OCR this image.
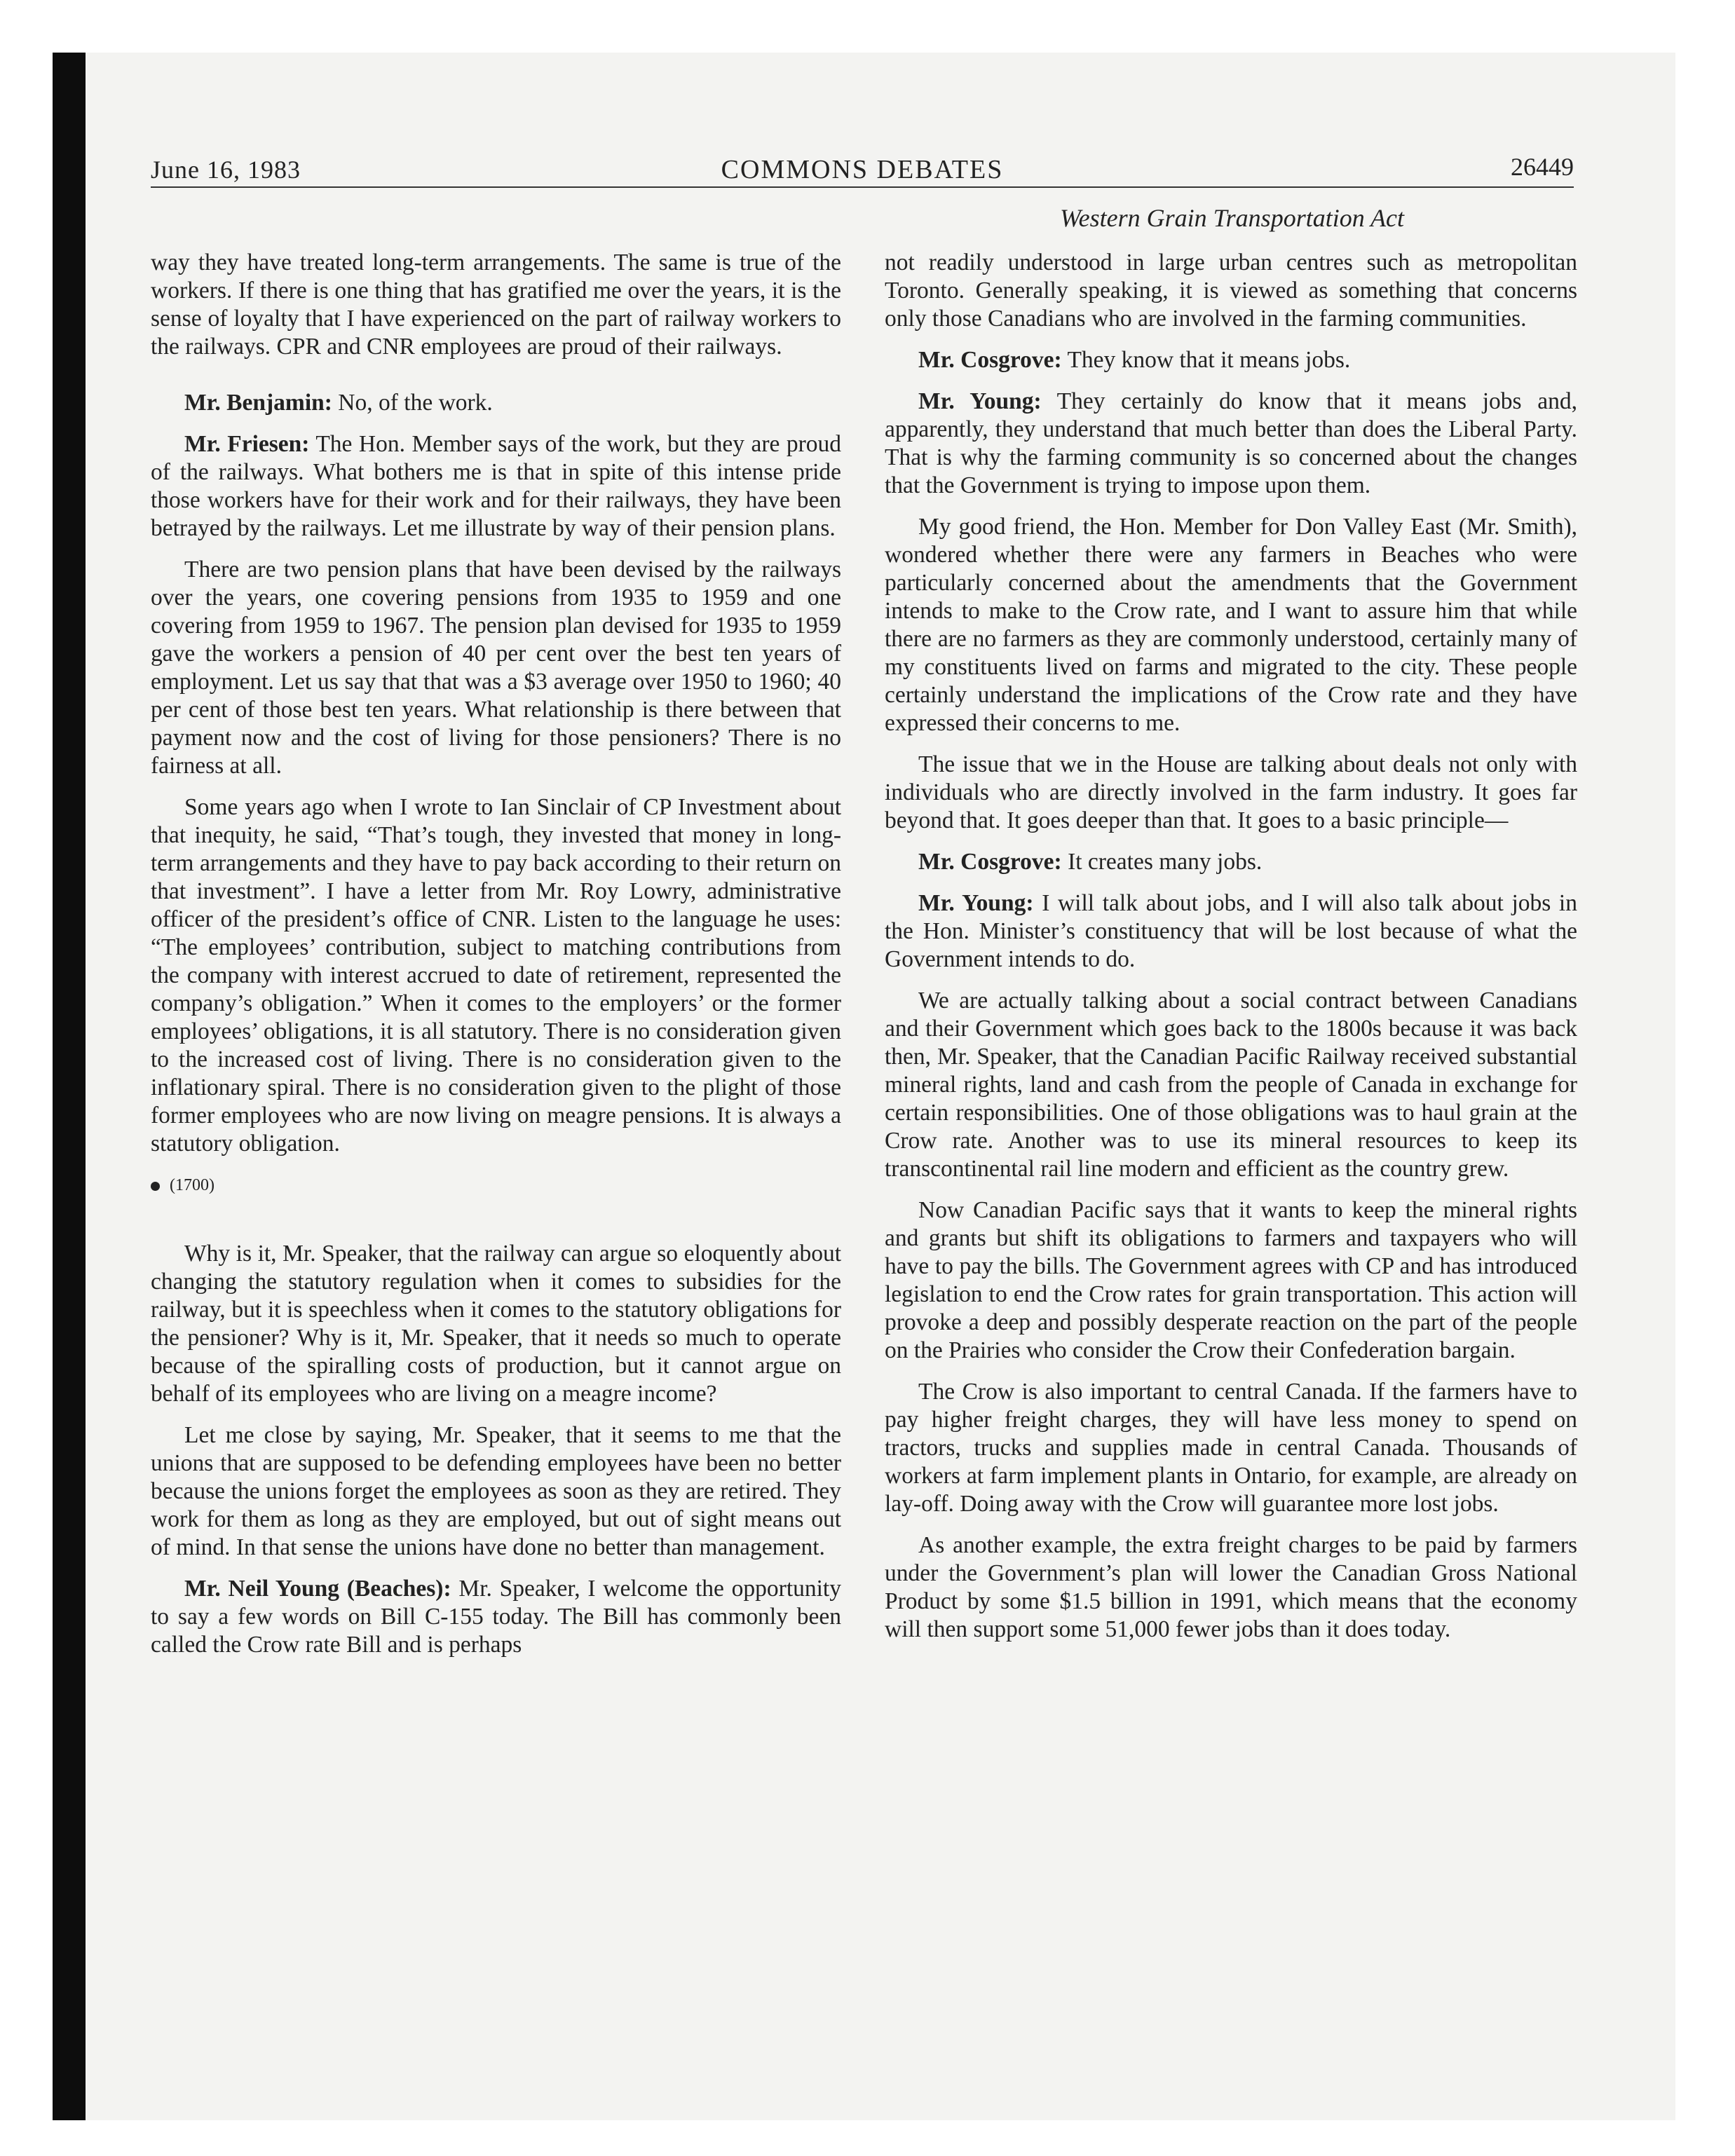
June 16, 1983	COMMONS DEBATES	26449
Western Grain Transportation Act

way they have treated long-term arrangements. The same is true of the workers. If there is one thing that has gratified me over the years, it is the sense of loyalty that I have experienced on the part of railway workers to the railways. CPR and CNR employees are proud of their railways.

Mr. Benjamin: No, of the work.

Mr. Friesen: The Hon. Member says of the work, but they are proud of the railways. What bothers me is that in spite of this intense pride those workers have for their work and for their railways, they have been betrayed by the railways. Let me illustrate by way of their pension plans.

There are two pension plans that have been devised by the railways over the years, one covering pensions from 1935 to 1959 and one covering from 1959 to 1967. The pension plan devised for 1935 to 1959 gave the workers a pension of 40 per cent over the best ten years of employment. Let us say that that was a $3 average over 1950 to 1960; 40 per cent of those best ten years. What relationship is there between that payment now and the cost of living for those pensioners? There is no fairness at all.

Some years ago when I wrote to Ian Sinclair of CP Investment about that inequity, he said, “That’s tough, they invested that money in long-term arrangements and they have to pay back according to their return on that investment”. I have a letter from Mr. Roy Lowry, administrative officer of the president’s office of CNR. Listen to the language he uses: “The employees’ contribution, subject to matching contributions from the company with interest accrued to date of retirement, represented the company’s obligation.” When it comes to the employers’ or the former employees’ obligations, it is all statutory. There is no consideration given to the increased cost of living. There is no consideration given to the inflationary spiral. There is no consideration given to the plight of those former employees who are now living on meagre pensions. It is always a statutory obligation.

(1700)

Why is it, Mr. Speaker, that the railway can argue so eloquently about changing the statutory regulation when it comes to subsidies for the railway, but it is speechless when it comes to the statutory obligations for the pensioner? Why is it, Mr. Speaker, that it needs so much to operate because of the spiralling costs of production, but it cannot argue on behalf of its employees who are living on a meagre income?

Let me close by saying, Mr. Speaker, that it seems to me that the unions that are supposed to be defending employees have been no better because the unions forget the employees as soon as they are retired. They work for them as long as they are employed, but out of sight means out of mind. In that sense the unions have done no better than management.

Mr. Neil Young (Beaches): Mr. Speaker, I welcome the opportunity to say a few words on Bill C-155 today. The Bill has commonly been called the Crow rate Bill and is perhaps

not readily understood in large urban centres such as metropolitan Toronto. Generally speaking, it is viewed as something that concerns only those Canadians who are involved in the farming communities.

Mr. Cosgrove: They know that it means jobs.

Mr. Young: They certainly do know that it means jobs and, apparently, they understand that much better than does the Liberal Party. That is why the farming community is so concerned about the changes that the Government is trying to impose upon them.

My good friend, the Hon. Member for Don Valley East (Mr. Smith), wondered whether there were any farmers in Beaches who were particularly concerned about the amendments that the Government intends to make to the Crow rate, and I want to assure him that while there are no farmers as they are commonly understood, certainly many of my constituents lived on farms and migrated to the city. These people certainly understand the implications of the Crow rate and they have expressed their concerns to me.

The issue that we in the House are talking about deals not only with individuals who are directly involved in the farm industry. It goes far beyond that. It goes deeper than that. It goes to a basic principle—

Mr. Cosgrove: It creates many jobs.

Mr. Young: I will talk about jobs, and I will also talk about jobs in the Hon. Minister’s constituency that will be lost because of what the Government intends to do.

We are actually talking about a social contract between Canadians and their Government which goes back to the 1800s because it was back then, Mr. Speaker, that the Canadian Pacific Railway received substantial mineral rights, land and cash from the people of Canada in exchange for certain responsibilities. One of those obligations was to haul grain at the Crow rate. Another was to use its mineral resources to keep its transcontinental rail line modern and efficient as the country grew.

Now Canadian Pacific says that it wants to keep the mineral rights and grants but shift its obligations to farmers and taxpayers who will have to pay the bills. The Government agrees with CP and has introduced legislation to end the Crow rates for grain transportation. This action will provoke a deep and possibly desperate reaction on the part of the people on the Prairies who consider the Crow their Confederation bargain.

The Crow is also important to central Canada. If the farmers have to pay higher freight charges, they will have less money to spend on tractors, trucks and supplies made in central Canada. Thousands of workers at farm implement plants in Ontario, for example, are already on lay-off. Doing away with the Crow will guarantee more lost jobs.

As another example, the extra freight charges to be paid by farmers under the Government’s plan will lower the Canadian Gross National Product by some $1.5 billion in 1991, which means that the economy will then support some 51,000 fewer jobs than it does today.
